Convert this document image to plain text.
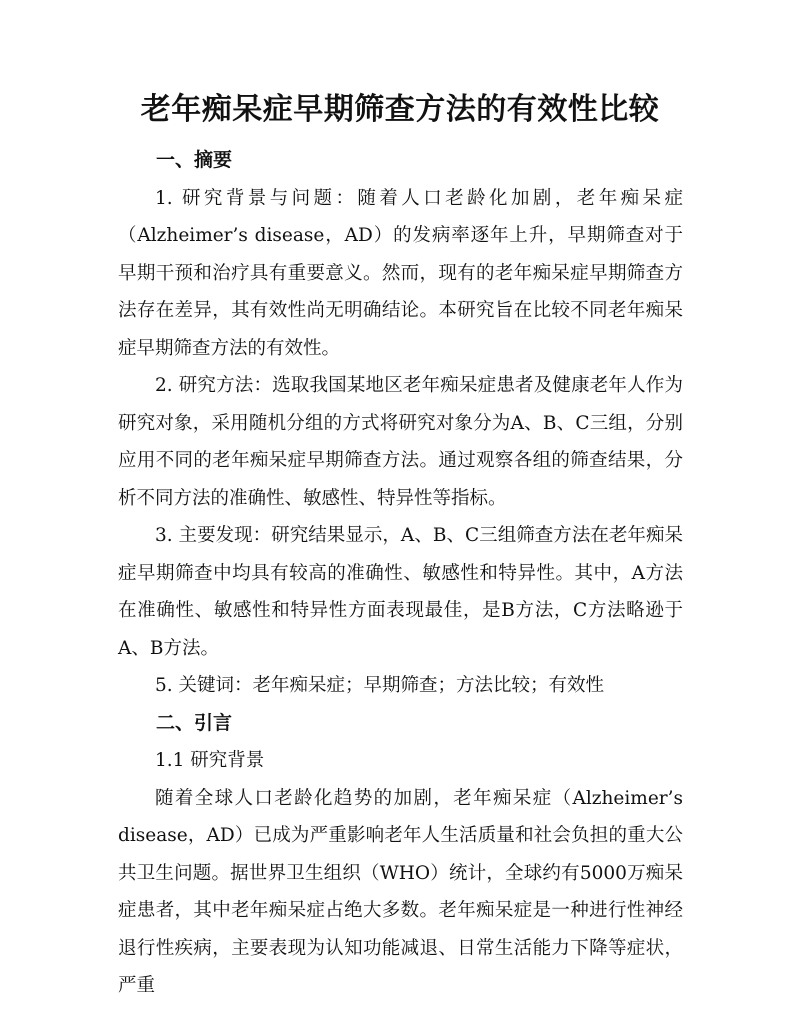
老年痴呆症早期筛查方法的有效性比较

一、摘要

1. 研究背景与问题：随着人口老龄化加剧，老年痴呆症（Alzheimer’s disease，AD）的发病率逐年上升，早期筛查对于早期干预和治疗具有重要意义。然而，现有的老年痴呆症早期筛查方法存在差异，其有效性尚无明确结论。本研究旨在比较不同老年痴呆症早期筛查方法的有效性。

2. 研究方法：选取我国某地区老年痴呆症患者及健康老年人作为研究对象，采用随机分组的方式将研究对象分为A、B、C三组，分别应用不同的老年痴呆症早期筛查方法。通过观察各组的筛查结果，分析不同方法的准确性、敏感性、特异性等指标。

3. 主要发现：研究结果显示，A、B、C三组筛查方法在老年痴呆症早期筛查中均具有较高的准确性、敏感性和特异性。其中，A方法在准确性、敏感性和特异性方面表现最佳，是B方法，C方法略逊于A、B方法。

5. 关键词：老年痴呆症；早期筛查；方法比较；有效性

二、引言

1.1 研究背景

随着全球人口老龄化趋势的加剧，老年痴呆症（Alzheimer’s disease，AD）已成为严重影响老年人生活质量和社会负担的重大公共卫生问题。据世界卫生组织（WHO）统计，全球约有5000万痴呆症患者，其中老年痴呆症占绝大多数。老年痴呆症是一种进行性神经退行性疾病，主要表现为认知功能减退、日常生活能力下降等症状，严重
